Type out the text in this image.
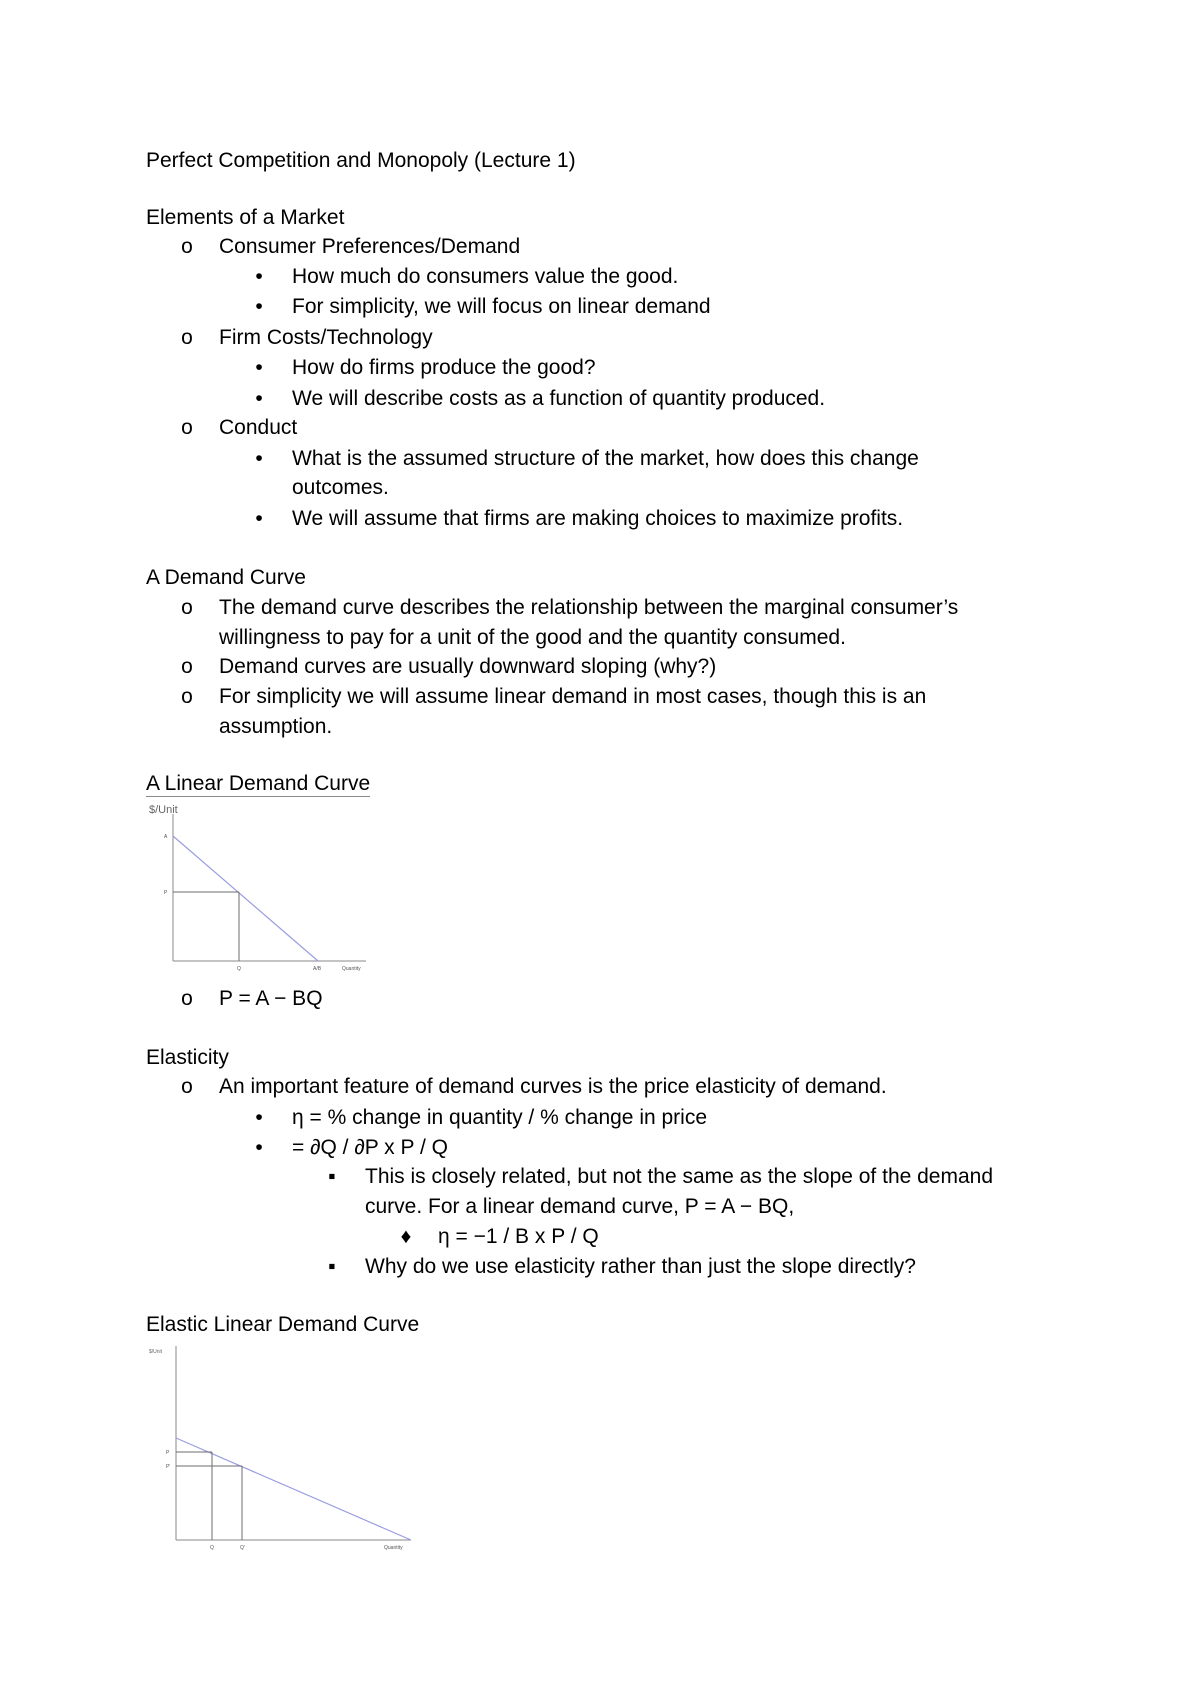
Perfect Competition and Monopoly (Lecture 1)
Elements of a Market
o Consumer Preferences/Demand
•	How much do consumers value the good.
•	For simplicity, we will focus on linear demand
o Firm Costs/Technology
•	How do firms produce the good?
•	We will describe costs as a function of quantity produced.
o Conduct
•	What is the assumed structure of the market, how does this change
outcomes.
•	We will assume that firms are making choices to maximize profits.
A Demand Curve
o The demand curve describes the relationship between the marginal consumer’s
willingness to pay for a unit of the good and the quantity consumed.
o Demand curves are usually downward sloping (why?)
o For simplicity we will assume linear demand in most cases, though this is an
assumption.
A Linear Demand Curve
$/Unit
A
P
Q	A/B	Quantity
o P = A − BQ
Elasticity
o An important feature of demand curves is the price elasticity of demand.
•	η = % change in quantity / % change in price
•	= ∂Q / ∂P x P / Q
▪ This is closely related, but not the same as the slope of the demand
curve. For a linear demand curve, P = A − BQ,
♦ η = −1 / B x P / Q
▪ Why do we use elasticity rather than just the slope directly?
Elastic Linear Demand Curve
$/Unit
P
P'
Q	Q'	Quantity
